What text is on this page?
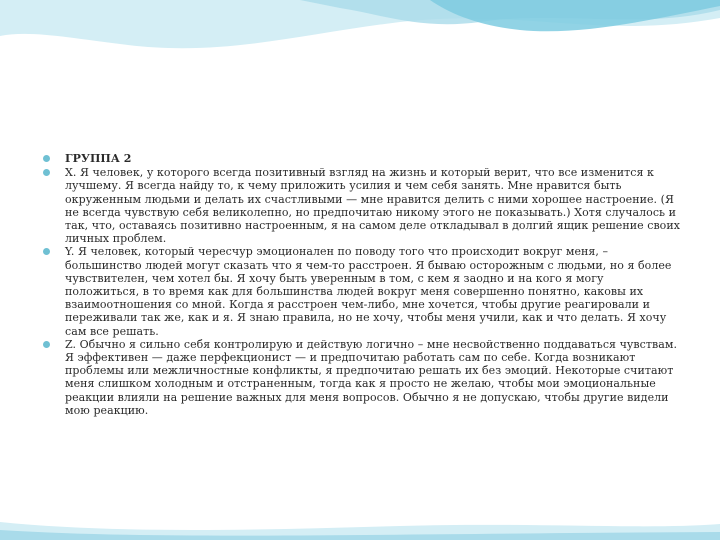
ГРУППА 2
X. Я человек, у которого всегда позитивный взгляд на жизнь и который верит, что все изменится к лучшему. Я всегда найду то, к чему приложить усилия и чем себя занять. Мне нравится быть окруженным людьми и делать их счастливыми — мне нравится делить с ними хорошее настроение. (Я не всегда чувствую себя великолепно, но предпочитаю никому этого не показывать.) Хотя случалось и так, что, оставаясь позитивно настроенным, я на самом деле откладывал в долгий ящик решение своих личных проблем.
Y. Я человек, который чересчур эмоционален по поводу того что происходит вокруг меня, – большинство людей могут сказать что я чем-то расстроен. Я бываю осторожным с людьми, но я более чувствителен, чем хотел бы. Я хочу быть уверенным в том, с кем я заодно и на кого я могу положиться, в то время как для большинства людей вокруг меня совершенно понятно, каковы их взаимоотношения со мной. Когда я расстроен чем-либо, мне хочется, чтобы другие реагировали и переживали так же, как и я. Я знаю правила, но не хочу, чтобы меня учили, как и что делать. Я хочу сам все решать.
Z. Обычно я сильно себя контролирую и действую логично – мне несвойственно поддаваться чувствам. Я эффективен — даже перфекционист — и предпочитаю работать сам по себе. Когда возникают проблемы или межличностные конфликты, я предпочитаю решать их без эмоций. Некоторые считают меня слишком холодным и отстраненным, тогда как я просто не желаю, чтобы мои эмоциональные реакции влияли на решение важных для меня вопросов. Обычно я не допускаю, чтобы другие видели мою реакцию.
